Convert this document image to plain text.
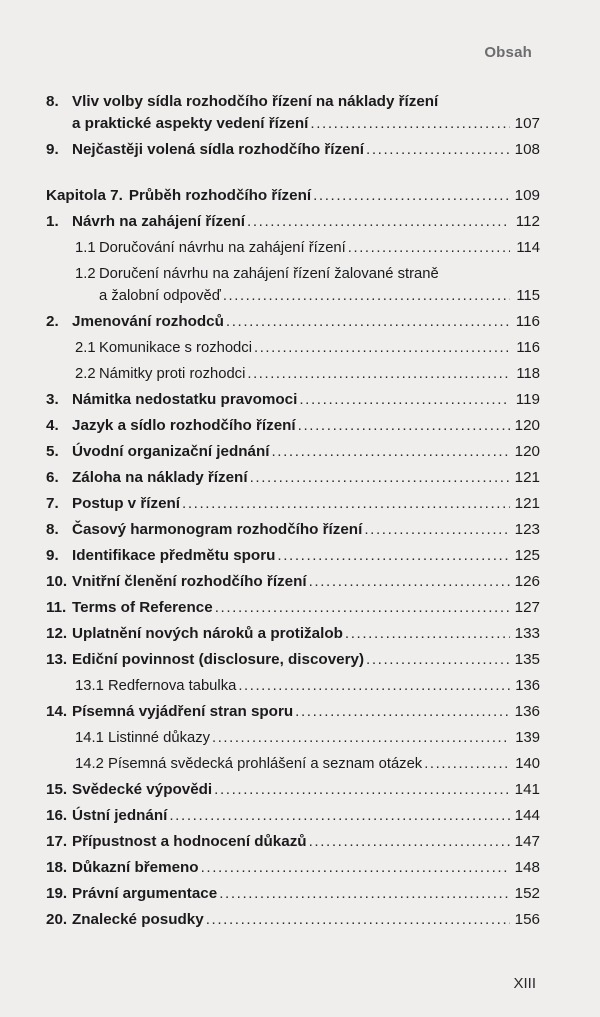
Obsah
8. Vliv volby sídla rozhodčího řízení na náklady řízení
a praktické aspekty vedení řízení .....	107
9. Nejčastěji volená sídla rozhodčího řízení .....	108
Kapitola 7. Průběh rozhodčího řízení .....	109
1. Návrh na zahájení řízení .....	112
1.1 Doručování návrhu na zahájení řízení .....	114
1.2 Doručení návrhu na zahájení řízení žalované straně
a žalobní odpověď .....	115
2. Jmenování rozhodců .....	116
2.1 Komunikace s rozhodci .....	116
2.2 Námitky proti rozhodci .....	118
3. Námitka nedostatku pravomoci .....	119
4. Jazyk a sídlo rozhodčího řízení .....	120
5. Úvodní organizační jednání .....	120
6. Záloha na náklady řízení .....	121
7. Postup v řízení .....	121
8. Časový harmonogram rozhodčího řízení .....	123
9. Identifikace předmětu sporu .....	125
10. Vnitřní členění rozhodčího řízení .....	126
11. Terms of Reference .....	127
12. Uplatnění nových nároků a protižalob .....	133
13. Ediční povinnost (disclosure, discovery) .....	135
13.1 Redfernova tabulka .....	136
14. Písemná vyjádření stran sporu .....	136
14.1 Listinné důkazy .....	139
14.2 Písemná svědecká prohlášení a seznam otázek .....	140
15. Svědecké výpovědi .....	141
16. Ústní jednání .....	144
17. Přípustnost a hodnocení důkazů .....	147
18. Důkazní břemeno .....	148
19. Právní argumentace .....	152
20. Znalecké posudky .....	156
XIII
